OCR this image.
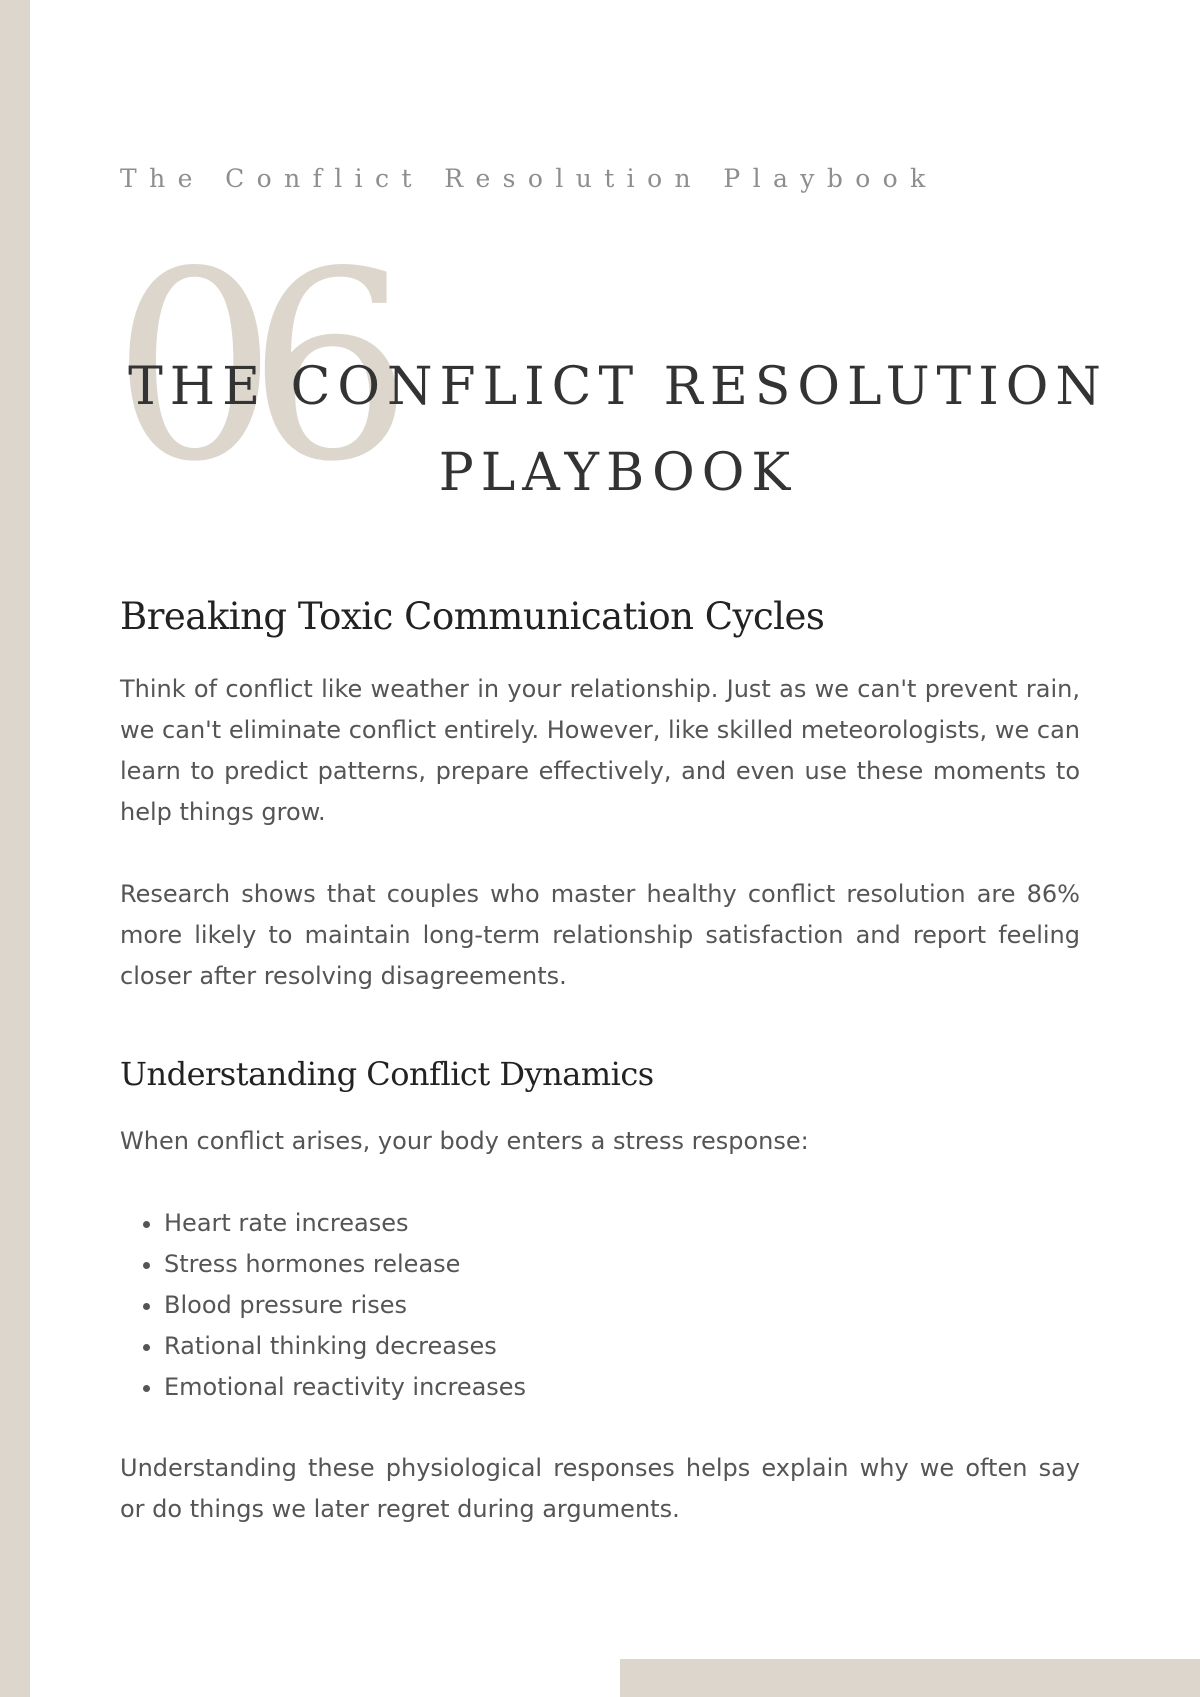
The Conflict Resolution Playbook
06
THE CONFLICT RESOLUTION
PLAYBOOK
Breaking Toxic Communication Cycles

Think of conflict like weather in your relationship. Just as we can't prevent rain, we can't eliminate conflict entirely. However, like skilled meteorologists, we can learn to predict patterns, prepare effectively, and even use these moments to help things grow.

Research shows that couples who master healthy conflict resolution are 86% more likely to maintain long-term relationship satisfaction and report feeling closer after resolving disagreements.

Understanding Conflict Dynamics

When conflict arises, your body enters a stress response:

• Heart rate increases
• Stress hormones release
• Blood pressure rises
• Rational thinking decreases
• Emotional reactivity increases

Understanding these physiological responses helps explain why we often say or do things we later regret during arguments.
